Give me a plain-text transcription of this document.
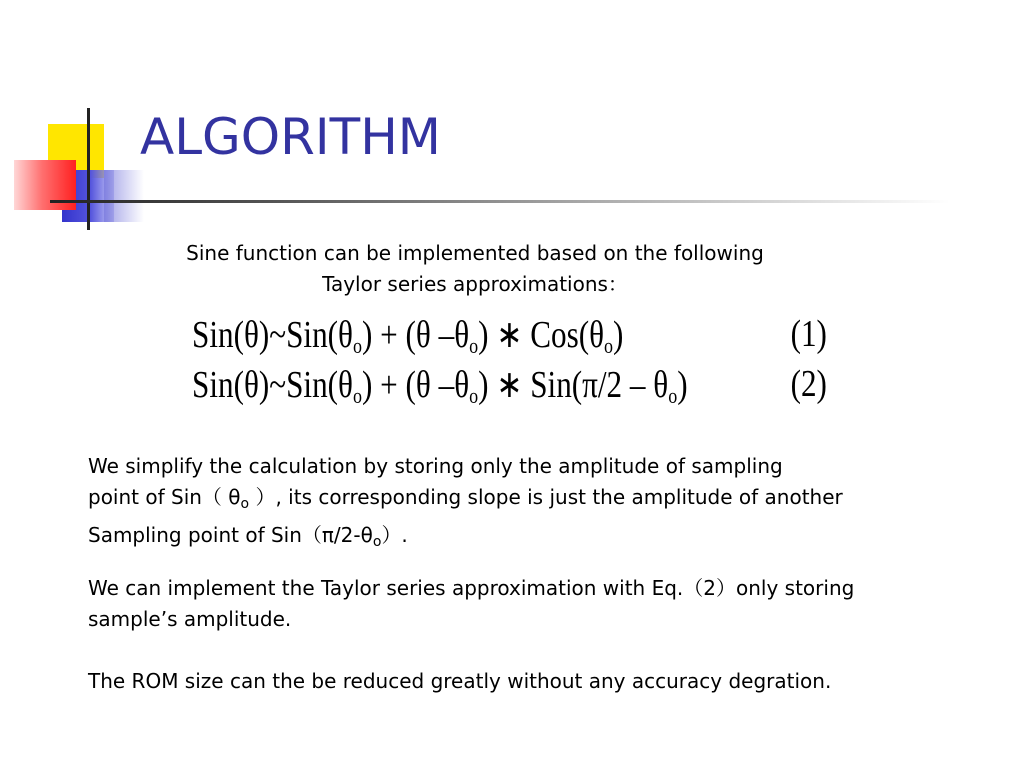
ALGORITHM
Sine function can be implemented based on the following
Taylor series approximations：
$Sin(\theta)\sim Sin(\theta_o) + (\theta$ $-\theta_o$) ∗ $Cos(\theta_o)$	(1)
$Sin(\theta)\sim Sin(\theta_o) + (\theta$ $-\theta_o$) ∗ $Sin(\pi/2 - \theta_o)$	(2)
We simplify the calculation by storing only the amplitude of sampling
point of Sin（ $\theta_o$ ）, its corresponding slope is just the amplitude of another
Sampling point of $Sin(\pi/2-\theta_o)$.
We can implement the Taylor series approximation with Eq.（2）only storing
sample’s amplitude.
The ROM size can the be reduced greatly without any accuracy degration.
